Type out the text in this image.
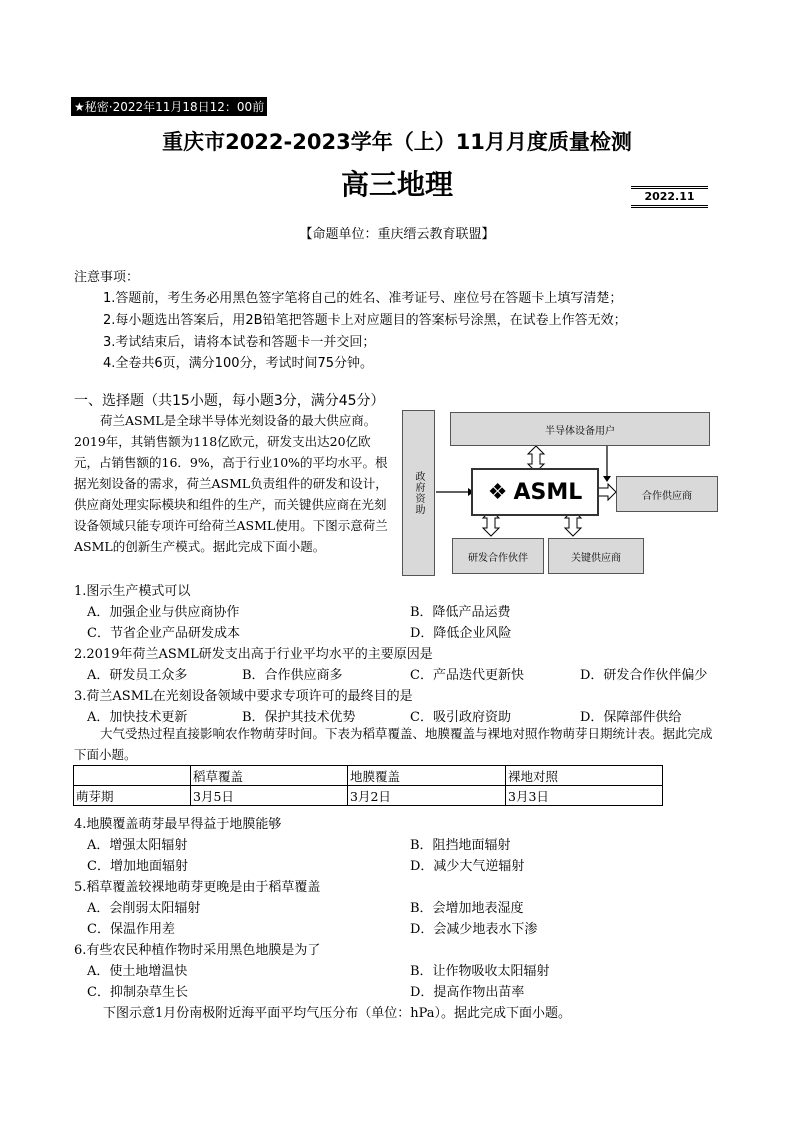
★秘密·2022年11月18日12：00前
重庆市2022-2023学年（上）11月月度质量检测
高三地理	2022.11
【命题单位：重庆缙云教育联盟】
注意事项：
1.答题前，考生务必用黑色签字笔将自己的姓名、准考证号、座位号在答题卡上填写清楚；
2.每小题选出答案后，用2B铅笔把答题卡上对应题目的答案标号涂黑，在试卷上作答无效；
3.考试结束后，请将本试卷和答题卡一并交回；
4.全卷共6页，满分100分，考试时间75分钟。
一、选择题（共15小题，每小题3分，满分45分）
荷兰ASML是全球半导体光刻设备的最大供应商。2019年，其销售额为118亿欧元，研发支出达20亿欧元，占销售额的16．9%，高于行业10%的平均水平。根据光刻设备的需求，荷兰ASML负责组件的研发和设计，供应商处理实际模块和组件的生产，而关键供应商在光刻设备领域只能专项许可给荷兰ASML使用。下图示意荷兰ASML的创新生产模式。据此完成下面小题。
政府资助
半导体设备用户
❖ ASML	合作供应商
研发合作伙伴	关键供应商
1.图示生产模式可以
A．加强企业与供应商协作	B．降低产品运费
C．节省企业产品研发成本	D．降低企业风险
2.2019年荷兰ASML研发支出高于行业平均水平的主要原因是
A．研发员工众多	B．合作供应商多	C．产品迭代更新快	D．研发合作伙伴偏少
3.荷兰ASML在光刻设备领域中要求专项许可的最终目的是
A．加快技术更新	B．保护其技术优势	C．吸引政府资助	D．保障部件供给
大气受热过程直接影响农作物萌芽时间。下表为稻草覆盖、地膜覆盖与裸地对照作物萌芽日期统计表。据此完成下面小题。
	稻草覆盖	地膜覆盖	裸地对照
萌芽期	3月5日	3月2日	3月3日
4.地膜覆盖萌芽最早得益于地膜能够
A．增强太阳辐射	B．阻挡地面辐射
C．增加地面辐射	D．减少大气逆辐射
5.稻草覆盖较裸地萌芽更晚是由于稻草覆盖
A．会削弱太阳辐射	B．会增加地表湿度
C．保温作用差	D．会减少地表水下渗
6.有些农民种植作物时采用黑色地膜是为了
A．使土地增温快	B．让作物吸收太阳辐射
C．抑制杂草生长	D．提高作物出苗率
下图示意1月份南极附近海平面平均气压分布（单位：hPa）。据此完成下面小题。
